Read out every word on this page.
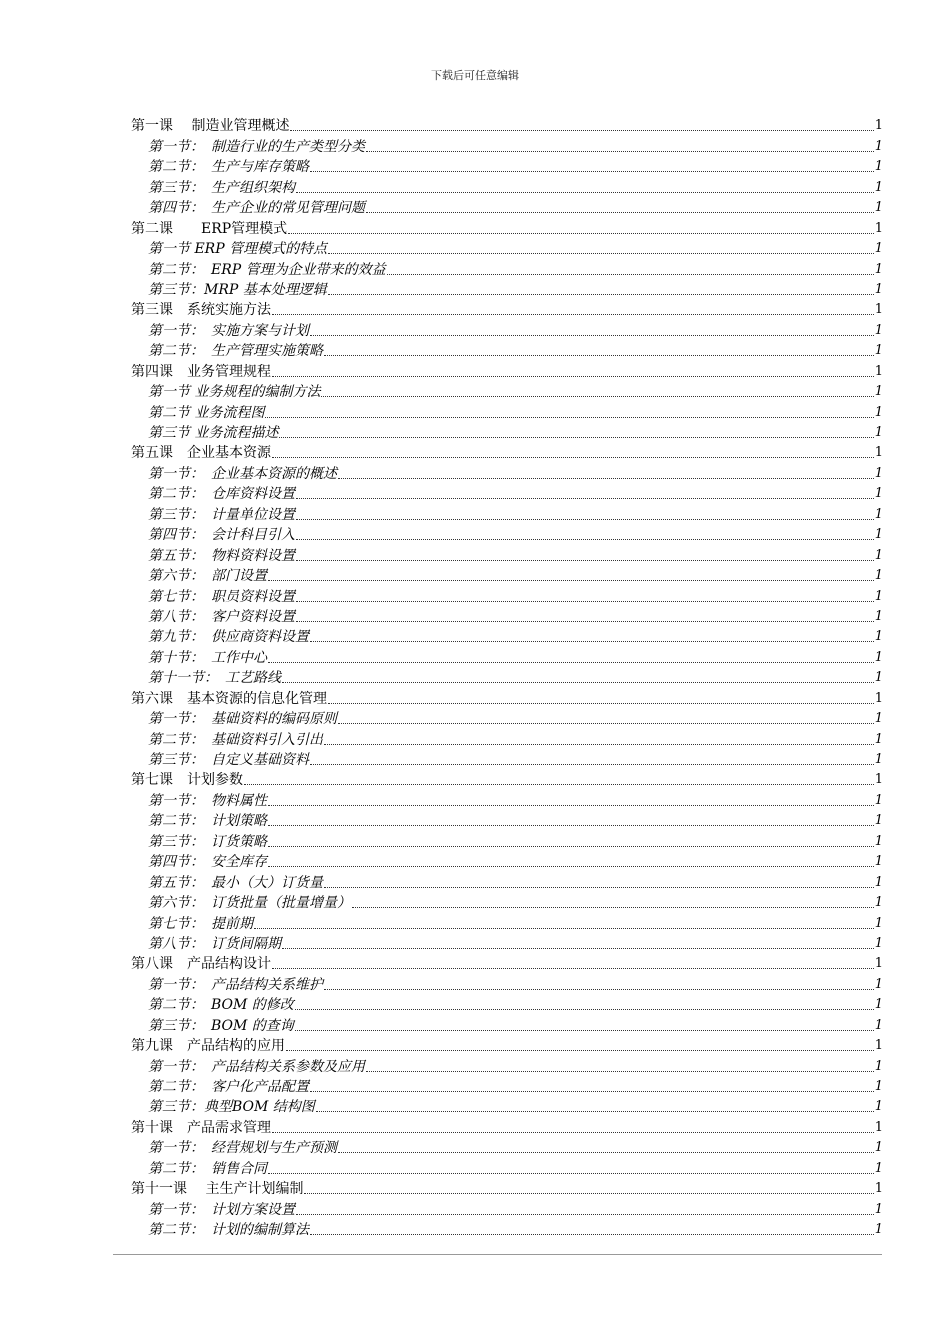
下载后可任意编辑
第一课　 制造业管理概述	1
第一节：　制造行业的生产类型分类	1
第二节：　生产与库存策略	1
第三节：　生产组织架构	1
第四节：　生产企业的常见管理问题	1
第二课　　ERP管理模式	1
第一节 ERP 管理模式的特点	1
第二节：　ERP 管理为企业带来的效益	1
第三节：MRP 基本处理逻辑	1
第三课　系统实施方法	1
第一节：　实施方案与计划	1
第二节：　生产管理实施策略	1
第四课　业务管理规程	1
第一节 业务规程的编制方法	1
第二节 业务流程图	1
第三节 业务流程描述	1
第五课　企业基本资源	1
第一节：　企业基本资源的概述	1
第二节：　仓库资料设置	1
第三节：　计量单位设置	1
第四节：　会计科目引入	1
第五节：　物料资料设置	1
第六节：　部门设置	1
第七节：　职员资料设置	1
第八节：　客户资料设置	1
第九节：　供应商资料设置	1
第十节：　工作中心	1
第十一节：　工艺路线	1
第六课　基本资源的信息化管理	1
第一节：　基础资料的编码原则	1
第二节：　基础资料引入引出	1
第三节：　自定义基础资料	1
第七课　计划参数	1
第一节：　物料属性	1
第二节：　计划策略	1
第三节：　订货策略	1
第四节：　安全库存	1
第五节：　最小（大）订货量	1
第六节：　订货批量（批量增量）	1
第七节：　提前期	1
第八节：　订货间隔期	1
第八课　产品结构设计	1
第一节：　产品结构关系维护	1
第二节：　BOM 的修改	1
第三节：　BOM 的查询	1
第九课　产品结构的应用	1
第一节：　产品结构关系参数及应用	1
第二节：　客户化产品配置	1
第三节：典型BOM 结构图	1
第十课　产品需求管理	1
第一节：　经营规划与生产预测	1
第二节：　销售合同	1
第十一课　 主生产计划编制	1
第一节：　计划方案设置	1
第二节：　计划的编制算法	1
